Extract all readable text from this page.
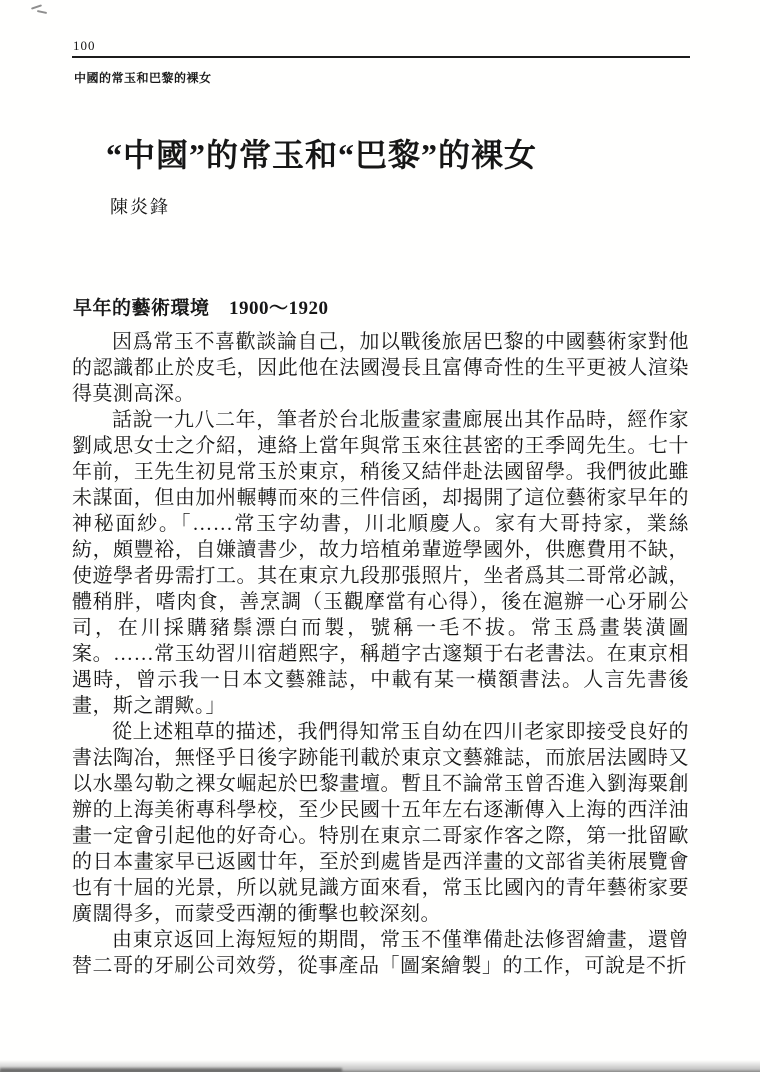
100
中國的常玉和巴黎的裸女
“中國”的常玉和“巴黎”的裸女
陳炎鋒
早年的藝術環境　1900～1920

因爲常玉不喜歡談論自己，加以戰後旅居巴黎的中國藝術家對他的認識都止於皮毛，因此他在法國漫長且富傳奇性的生平更被人渲染得莫測高深。

話說一九八二年，筆者於台北版畫家畫廊展出其作品時，經作家劉咸思女士之介紹，連絡上當年與常玉來往甚密的王季岡先生。七十年前，王先生初見常玉於東京，稍後又結伴赴法國留學。我們彼此雖未謀面，但由加州輾轉而來的三件信函，却揭開了這位藝術家早年的神秘面紗。「……常玉字幼書，川北順慶人。家有大哥持家，業絲紡，頗豐裕，自嫌讀書少，故力培植弟輩遊學國外，供應費用不缺，使遊學者毋需打工。其在東京九段那張照片，坐者爲其二哥常必誠，體稍胖，嗜肉食，善烹調（玉觀摩當有心得），後在滬辦一心牙刷公司，在川採購豬鬃漂白而製，號稱一毛不拔。常玉爲畫裝潢圖案。……常玉幼習川宿趙熙字，稱趙字古邃類于右老書法。在東京相遇時，曾示我一日本文藝雜誌，中載有某一橫額書法。人言先書後畫，斯之謂歟。」

從上述粗草的描述，我們得知常玉自幼在四川老家即接受良好的書法陶冶，無怪乎日後字跡能刊載於東京文藝雜誌，而旅居法國時又以水墨勾勒之裸女崛起於巴黎畫壇。暫且不論常玉曾否進入劉海粟創辦的上海美術專科學校，至少民國十五年左右逐漸傳入上海的西洋油畫一定會引起他的好奇心。特別在東京二哥家作客之際，第一批留歐的日本畫家早已返國廿年，至於到處皆是西洋畫的文部省美術展覽會也有十屆的光景，所以就見識方面來看，常玉比國內的青年藝術家要廣闊得多，而蒙受西潮的衝擊也較深刻。

由東京返回上海短短的期間，常玉不僅準備赴法修習繪畫，還曾替二哥的牙刷公司效勞，從事產品「圖案繪製」的工作，可說是不折
